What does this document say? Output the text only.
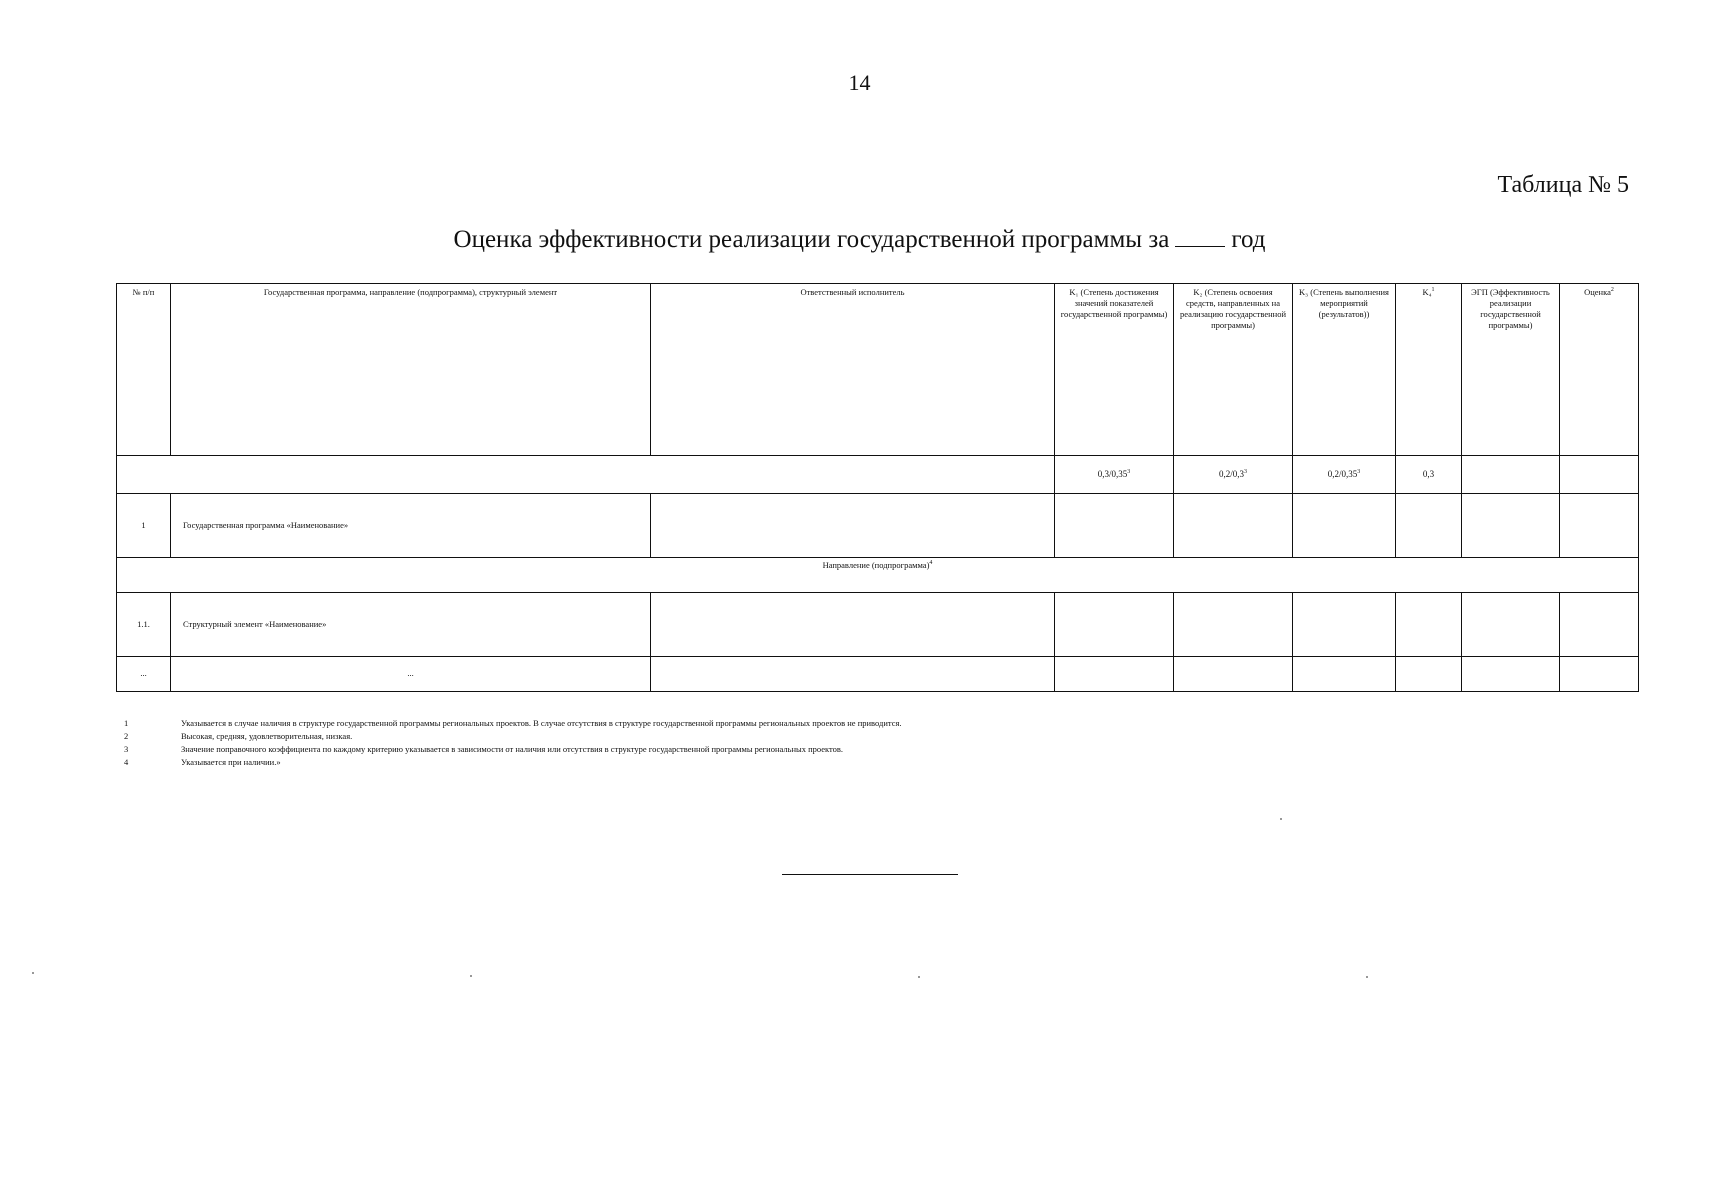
14
Таблица № 5
Оценка эффективности реализации государственной программы за год
№ п/п	Государственная программа, направление (подпрограмма), структурный элемент	Ответственный исполнитель	K₁ (Степень достижения значений показателей государственной программы)	K₂ (Степень освоения средств, направленных на реализацию государственной программы)	K₃ (Степень выполнения мероприятий (результатов))	K₄$^1$	ЭГП (Эффективность реализации государственной программы)	Оценка$^2$
			0,3/0,35$^3$	$0,2/0,3^3$	0,2/0,35$^3$	0,3		
1	Государственная программа «Наименование»							
Направление (подпрограмма)$^4$
1.1.	Структурный элемент «Наименование»							
...	...							
1	Указывается в случае наличия в структуре государственной программы региональных проектов. В случае отсутствия в структуре государственной программы региональных проектов не приводится.
2	Высокая, средняя, удовлетворительная, низкая.
3	Значение поправочного коэффициента по каждому критерию указывается в зависимости от наличия или отсутствия в структуре государственной программы региональных проектов.
4	Указывается при наличии.»
